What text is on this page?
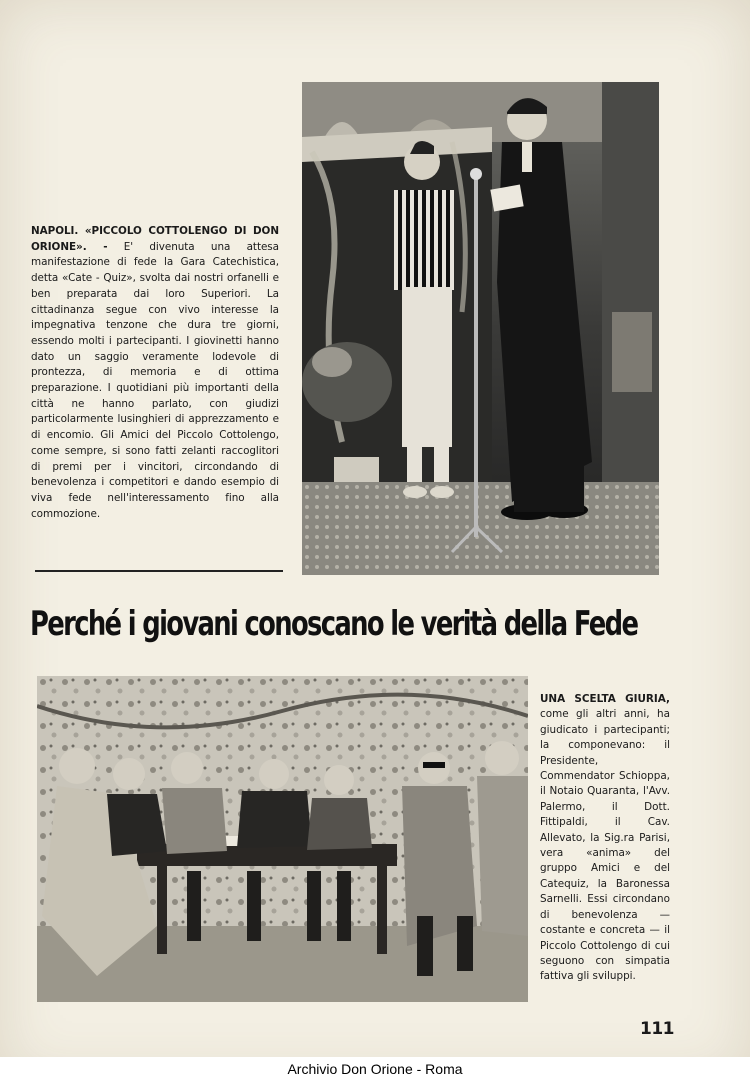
NAPOLI. «PICCOLO COTTOLENGO DI DON ORIONE». - E' divenuta una attesa manifestazione di fede la Gara Catechistica, detta «Cate - Quiz», svolta dai nostri orfanelli e ben preparata dai loro Superiori. La cittadinanza segue con vivo interesse la impegnativa tenzone che dura tre giorni, essendo molti i partecipanti. I giovinetti hanno dato un saggio veramente lodevole di prontezza, di memoria e di ottima preparazione. I quotidiani più importanti della città ne hanno parlato, con giudizi particolarmente lusinghieri di apprezzamento e di encomio. Gli Amici del Piccolo Cottolengo, come sempre, si sono fatti zelanti raccoglitori di premi per i vincitori, circondando di benevolenza i competitori e dando esempio di viva fede nell'interessamento fino alla commozione.
Perché i giovani conoscano le verità della Fede
UNA SCELTA GIURIA, come gli altri anni, ha giudicato i partecipanti; la componevano: il Presidente, Commendator Schioppa, il Notaio Quaranta, l'Avv. Palermo, il Dott. Fittipaldi, il Cav. Allevato, la Sig.ra Parisi, vera «anima» del gruppo Amici e del Catequiz, la Baronessa Sarnelli. Essi circondano di benevolenza — costante e concreta — il Piccolo Cottolengo di cui seguono con simpatia fattiva gli sviluppi.
111
Archivio Don Orione - Roma
